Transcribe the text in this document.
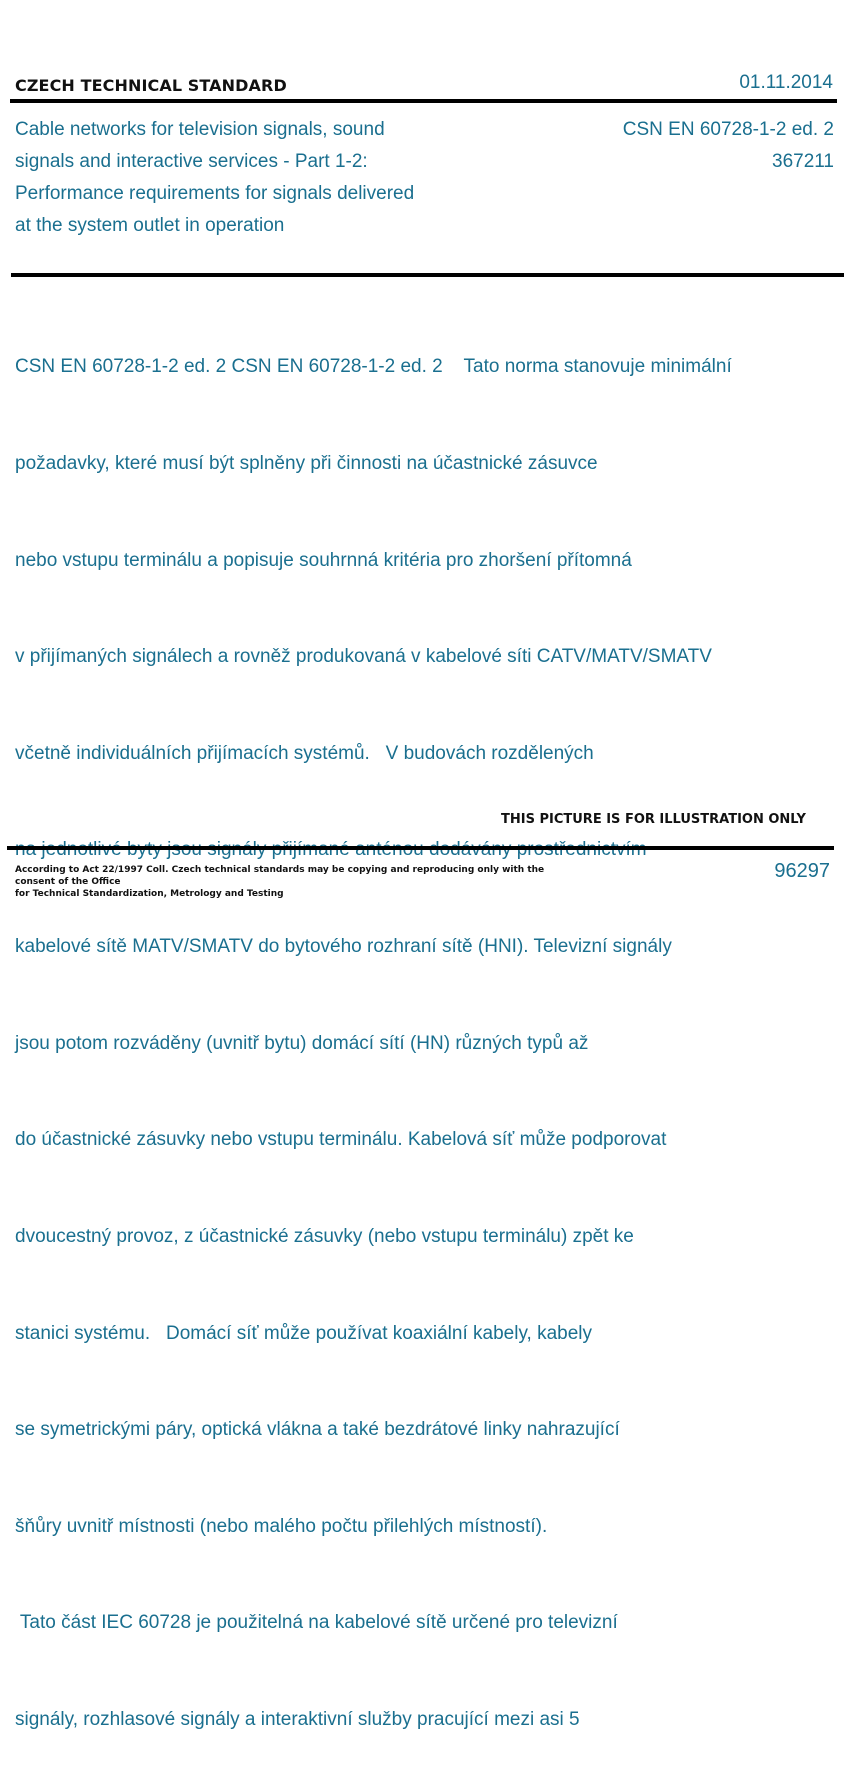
CZECH TECHNICAL STANDARD	01.11.2014
Cable networks for television signals, sound
signals and interactive services - Part 1-2:
Performance requirements for signals delivered
at the system outlet in operation
CSN EN 60728-1-2 ed. 2
367211

CSN EN 60728-1-2 ed. 2 CSN EN 60728-1-2 ed. 2    Tato norma stanovuje minimální

požadavky, které musí být splněny při činnosti na účastnické zásuvce

nebo vstupu terminálu a popisuje souhrnná kritéria pro zhoršení přítomná

v přijímaných signálech a rovněž produkovaná v kabelové síti CATV/MATV/SMATV

včetně individuálních přijímacích systémů.   V budovách rozdělených

kabelové sítě MATV/SMATV do bytového rozhraní sítě (HNI). Televizní signály

jsou potom rozváděny (uvnitř bytu) domácí sítí (HN) různých typů až

do účastnické zásuvky nebo vstupu terminálu. Kabelová síť může podporovat

dvoucestný provoz, z účastnické zásuvky (nebo vstupu terminálu) zpět ke

stanici systému.   Domácí síť může používat koaxiální kabely, kabely

se symetrickými páry, optická vlákna a také bezdrátové linky nahrazující

šňůry uvnitř místnosti (nebo malého počtu přilehlých místností).

Tato část IEC 60728 je použitelná na kabelové sítě určené pro televizní

signály, rozhlasové signály a interaktivní služby pracující mezi asi 5

THIS PICTURE IS FOR ILLUSTRATION ONLY
According to Act 22/1997 Coll. Czech technical standards may be copying and reproducing only with the consent of the Office
for Technical Standardization, Metrology and Testing
96297
